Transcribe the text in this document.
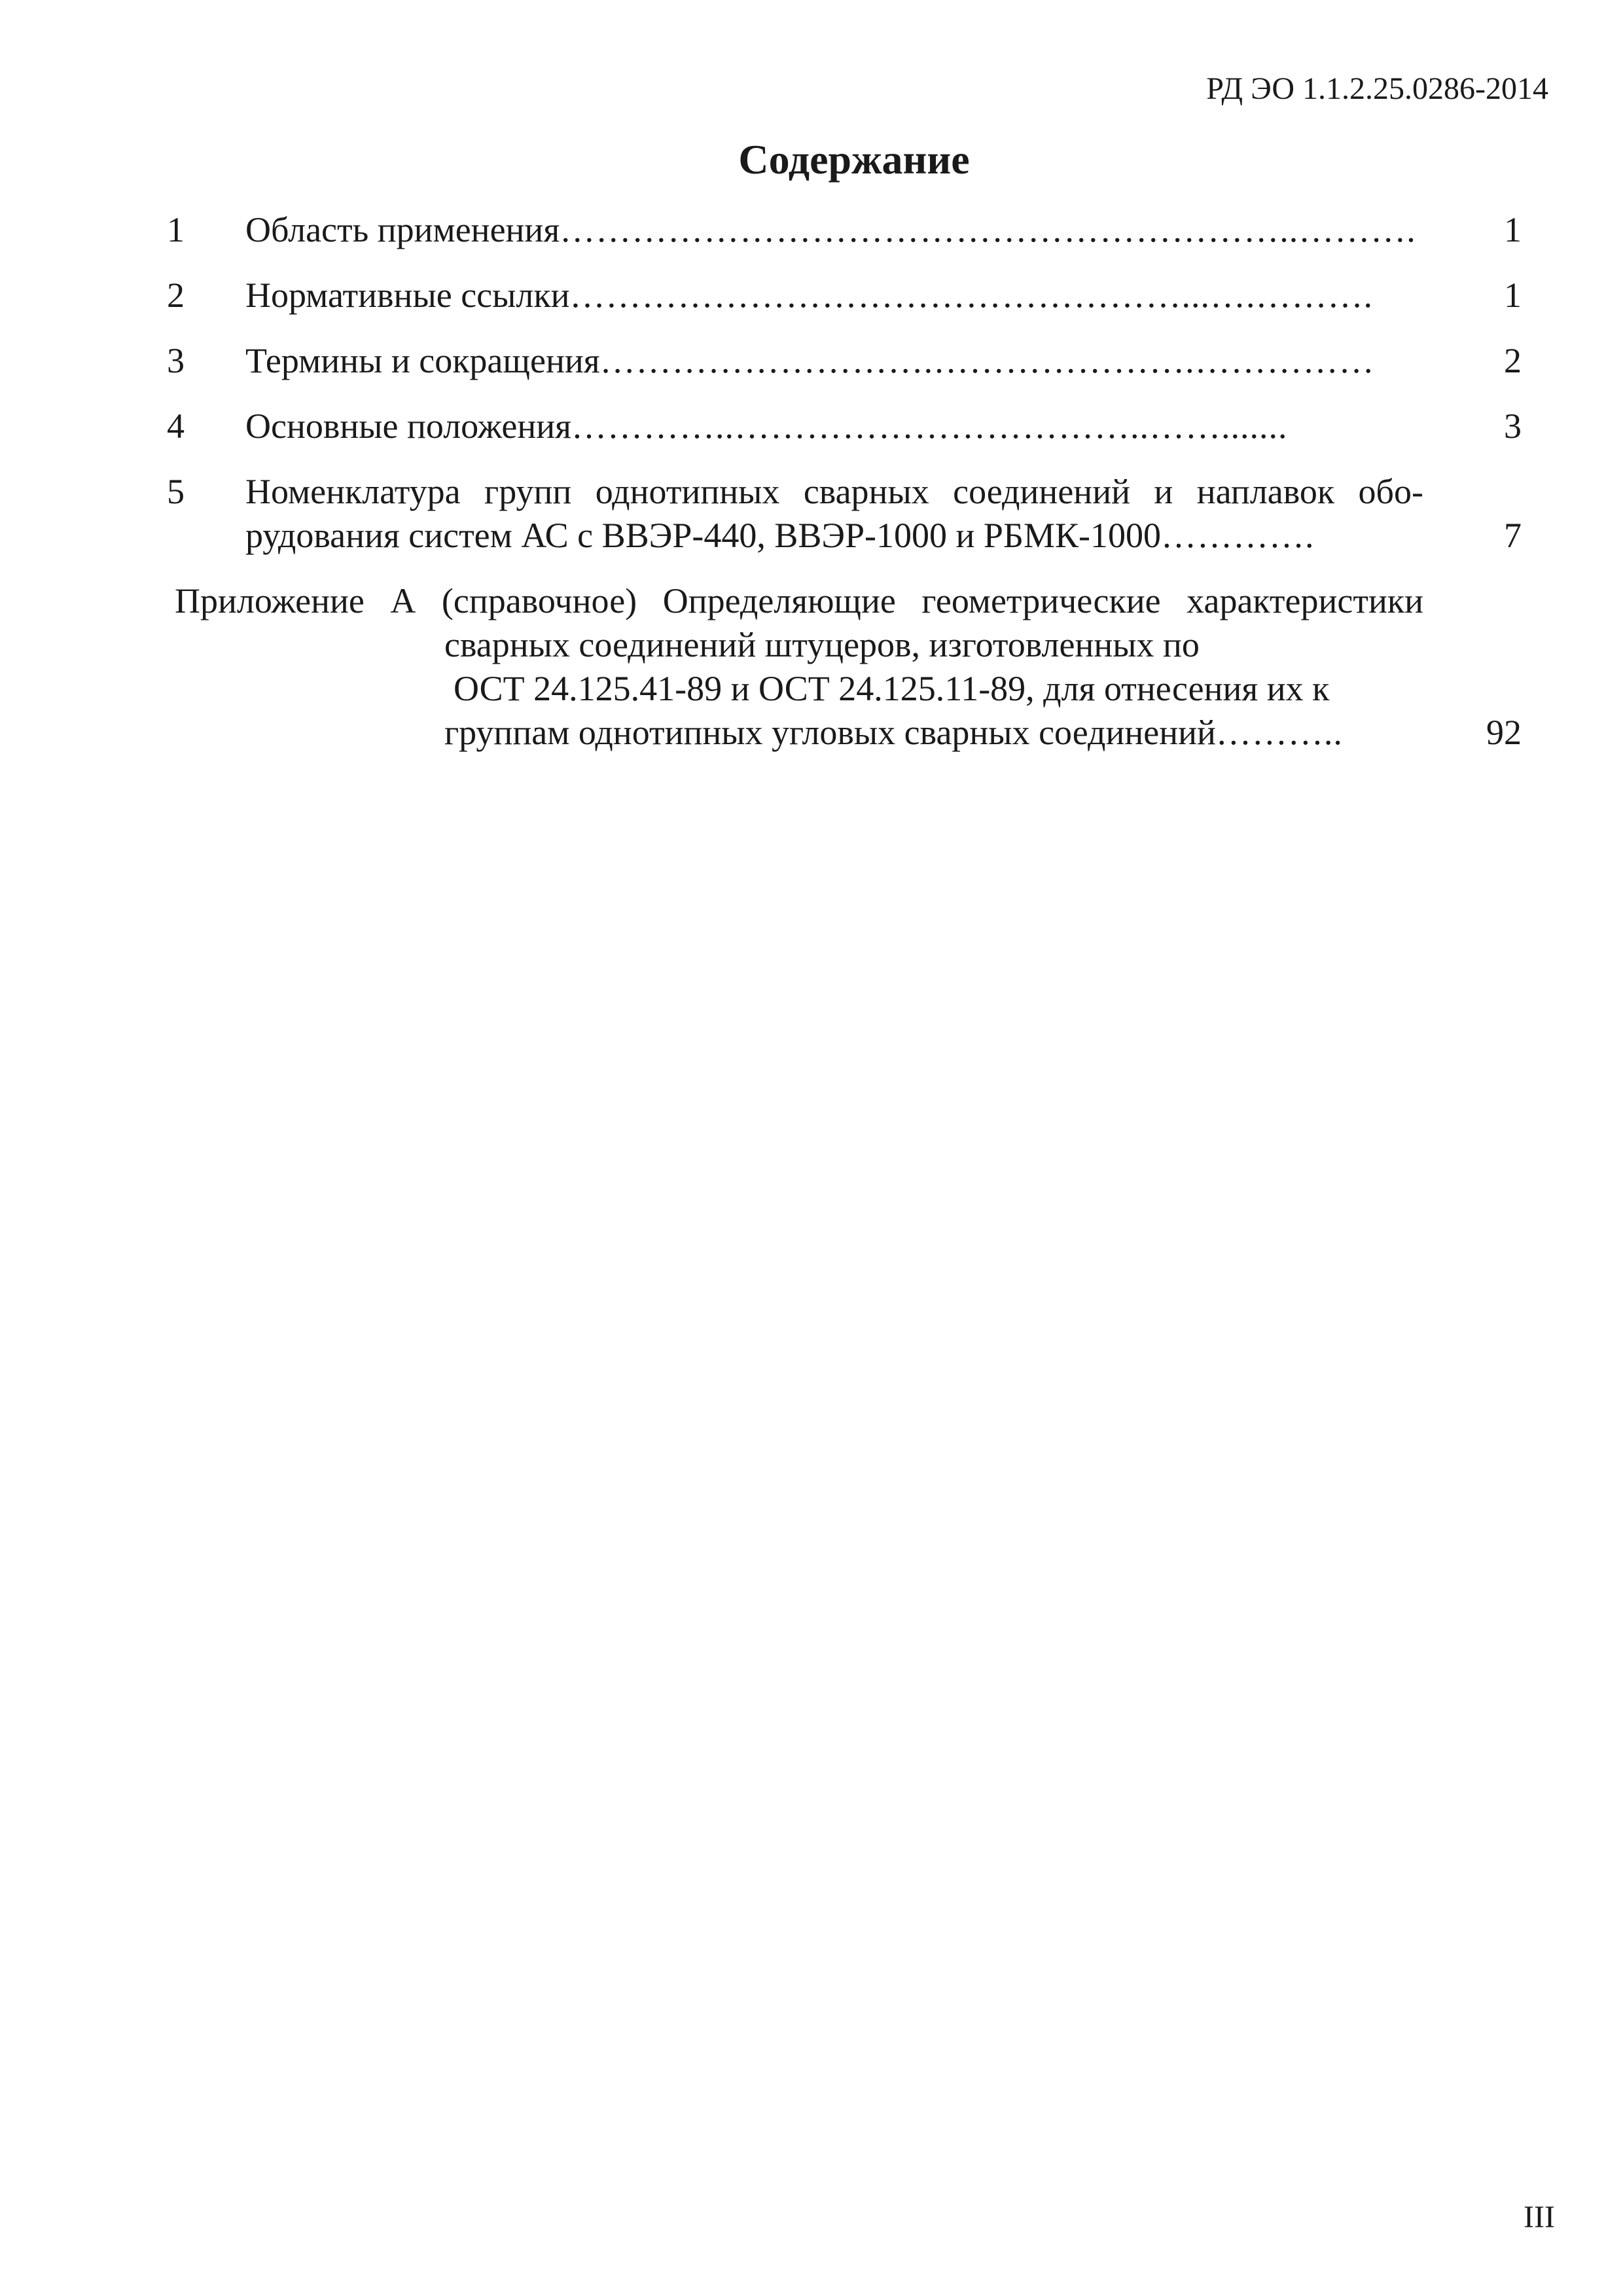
РД ЭО 1.1.2.25.0286-2014
Содержание
1 Область применения……………………………………………………..………. 1
2 Нормативные ссылки……………………………………………...….……….	1
3 Термины и сокращения……………………….………………….……………	2
4 Основные положения…………..……………………………..…….......	3
5 Номенклатура групп однотипных сварных соединений и наплавок обо-
рудования систем АС с ВВЭР-440, ВВЭР-1000 и РБМК-1000………….	7
Приложение А (справочное) Определяющие геометрические характеристики
сварных соединений штуцеров, изготовленных по
ОСТ 24.125.41-89 и ОСТ 24.125.11-89, для отнесения их к
группам однотипных угловых сварных соединений………..	92
III
